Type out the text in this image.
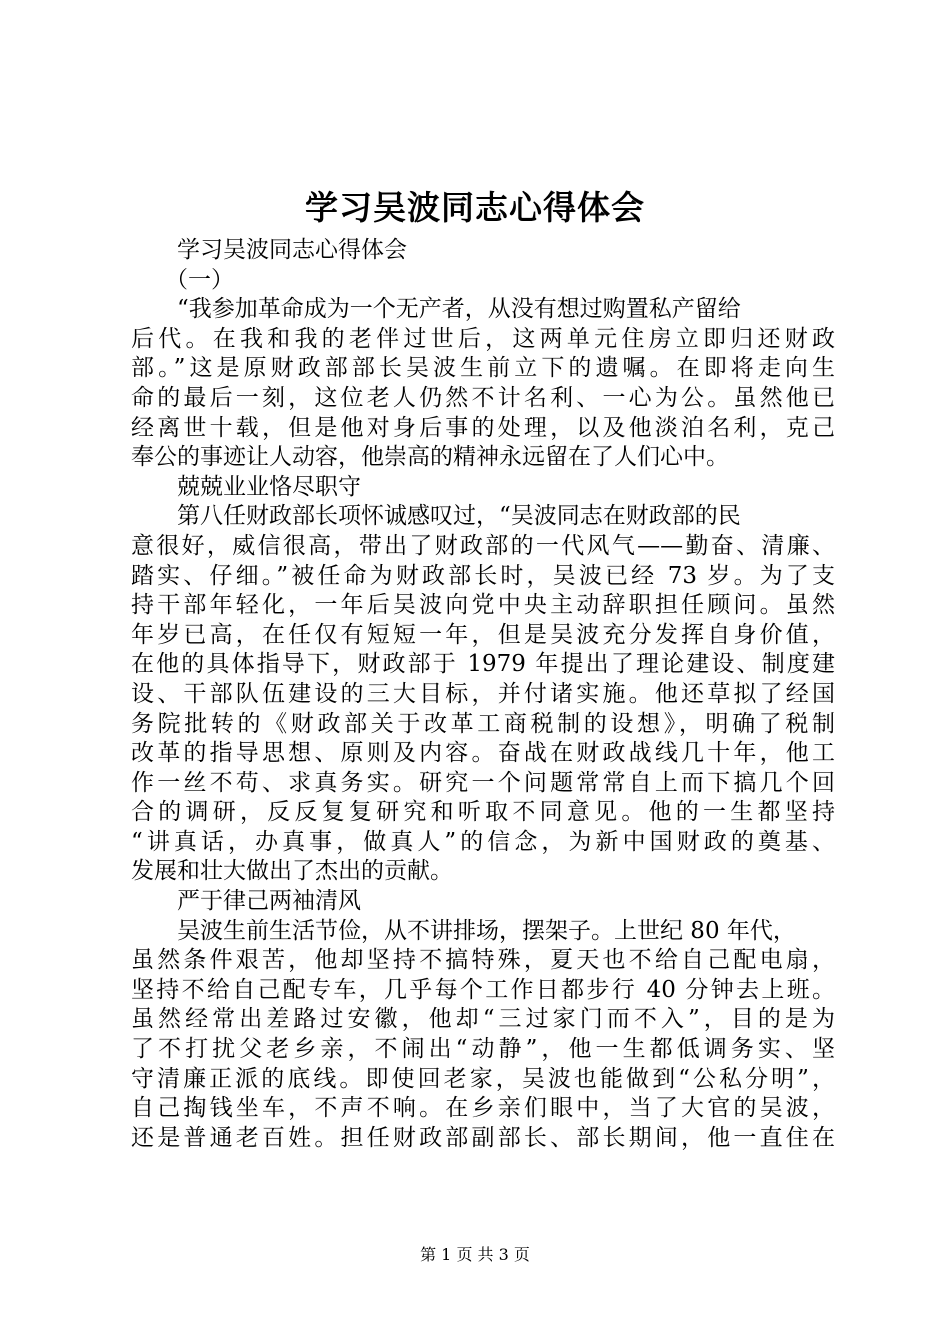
学习吴波同志心得体会
学习吴波同志心得体会
（一）
“我参加革命成为一个无产者，从没有想过购置私产留给
后代。在我和我的老伴过世后，这两单元住房立即归还财政
部。”这是原财政部部长吴波生前立下的遗嘱。在即将走向生
命的最后一刻，这位老人仍然不计名利、一心为公。虽然他已
经离世十载，但是他对身后事的处理，以及他淡泊名利，克己
奉公的事迹让人动容，他崇高的精神永远留在了人们心中。
兢兢业业恪尽职守
第八任财政部长项怀诚感叹过，“吴波同志在财政部的民
意很好，威信很高，带出了财政部的一代风气——勤奋、清廉、
踏实、仔细。”被任命为财政部长时，吴波已经 73 岁。为了支
持干部年轻化，一年后吴波向党中央主动辞职担任顾问。虽然
年岁已高，在任仅有短短一年，但是吴波充分发挥自身价值，
在他的具体指导下，财政部于 1979 年提出了理论建设、制度建
设、干部队伍建设的三大目标，并付诸实施。他还草拟了经国
务院批转的《财政部关于改革工商税制的设想》，明确了税制
改革的指导思想、原则及内容。奋战在财政战线几十年，他工
作一丝不苟、求真务实。研究一个问题常常自上而下搞几个回
合的调研，反反复复研究和听取不同意见。他的一生都坚持
“讲真话，办真事，做真人”的信念，为新中国财政的奠基、
发展和壮大做出了杰出的贡献。
严于律己两袖清风
吴波生前生活节俭，从不讲排场，摆架子。上世纪 80 年代，
虽然条件艰苦，他却坚持不搞特殊，夏天也不给自己配电扇，
坚持不给自己配专车，几乎每个工作日都步行 40 分钟去上班。
虽然经常出差路过安徽，他却“三过家门而不入”，目的是为
了不打扰父老乡亲，不闹出“动静”，他一生都低调务实、坚
守清廉正派的底线。即使回老家，吴波也能做到“公私分明”，
自己掏钱坐车，不声不响。在乡亲们眼中，当了大官的吴波，
还是普通老百姓。担任财政部副部长、部长期间，他一直住在
第 1 页 共 3 页
